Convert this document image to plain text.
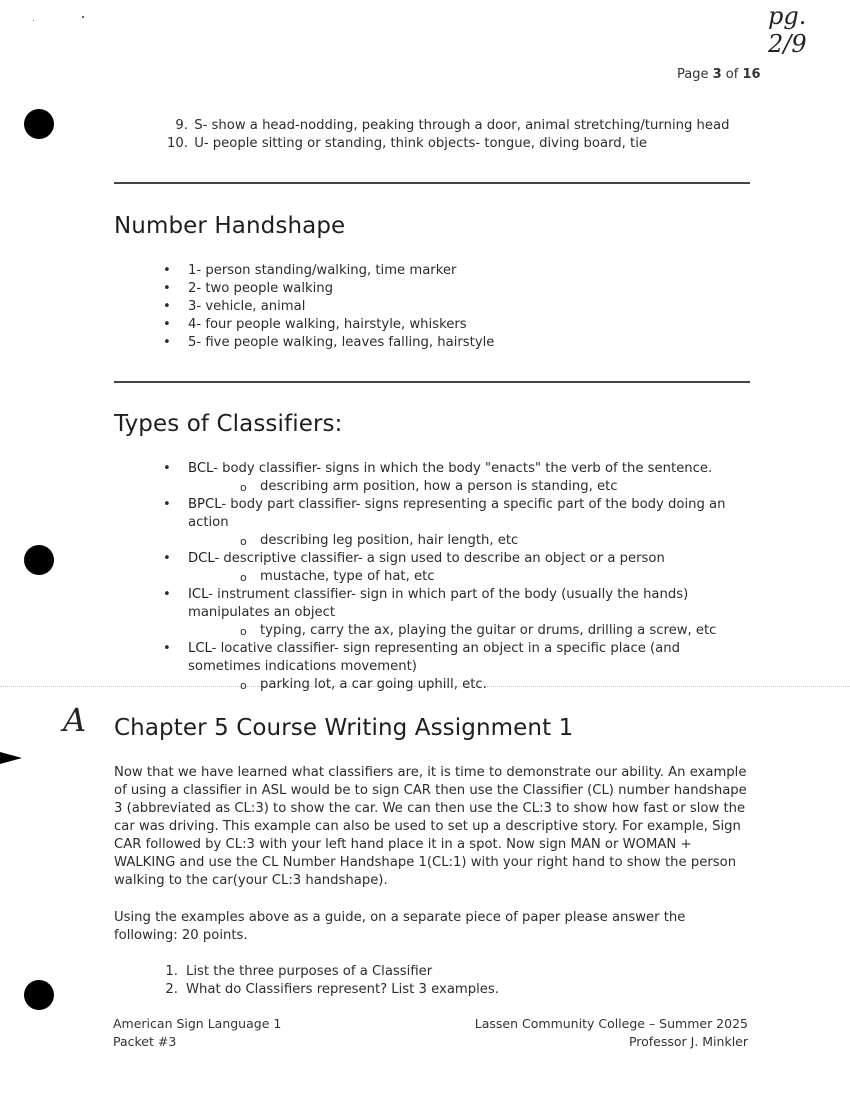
pg. 2/9
A
Page 3 of 16
9. S- show a head-nodding, peaking through a door, animal stretching/turning head
10. U- people sitting or standing, think objects- tongue, diving board, tie
Number Handshape
• 1- person standing/walking, time marker
• 2- two people walking
• 3- vehicle, animal
• 4- four people walking, hairstyle, whiskers
• 5- five people walking, leaves falling, hairstyle
Types of Classifiers:
• BCL- body classifier- signs in which the body "enacts" the verb of the sentence.
o describing arm position, how a person is standing, etc
• BPCL- body part classifier- signs representing a specific part of the body doing an action
o describing leg position, hair length, etc
• DCL- descriptive classifier- a sign used to describe an object or a person
o mustache, type of hat, etc
• ICL- instrument classifier- sign in which part of the body (usually the hands) manipulates an object
o typing, carry the ax, playing the guitar or drums, drilling a screw, etc
• LCL- locative classifier- sign representing an object in a specific place (and sometimes indications movement)
o parking lot, a car going uphill, etc.
Chapter 5 Course Writing Assignment 1

Now that we have learned what classifiers are, it is time to demonstrate our ability. An example of using a classifier in ASL would be to sign CAR then use the Classifier (CL) number handshape 3 (abbreviated as CL:3) to show the car. We can then use the CL:3 to show how fast or slow the car was driving. This example can also be used to set up a descriptive story. For example, Sign CAR followed by CL:3 with your left hand place it in a spot. Now sign MAN or WOMAN + WALKING and use the CL Number Handshape 1(CL:1) with your right hand to show the person walking to the car(your CL:3 handshape).

Using the examples above as a guide, on a separate piece of paper please answer the following: 20 points.

1. List the three purposes of a Classifier
2. What do Classifiers represent? List 3 examples.
American Sign Language 1
Packet #3
Lassen Community College – Summer 2025
Professor J. Minkler
